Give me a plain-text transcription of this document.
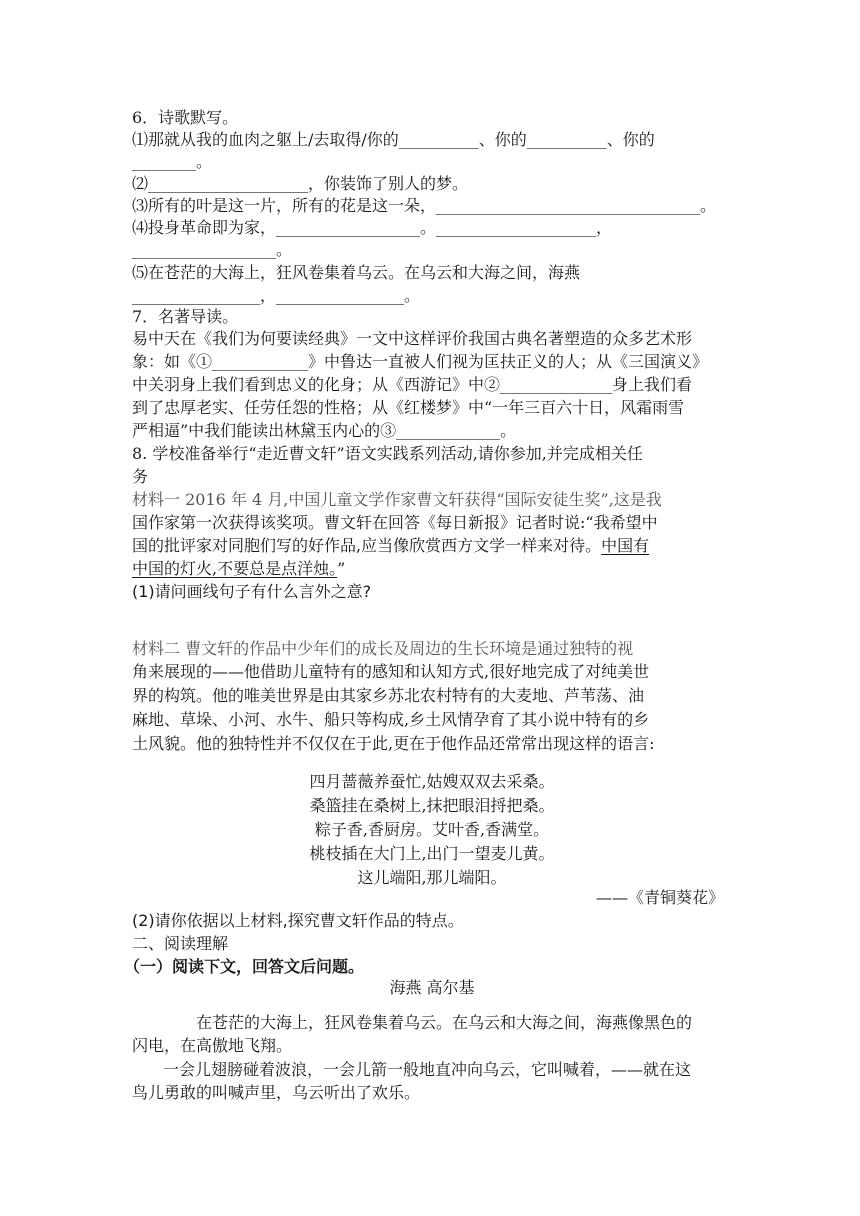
6．诗歌默写。
⑴那就从我的血肉之躯上/去取得/你的__________、你的__________、你的
________。
⑵____________________，你装饰了别人的梦。
⑶所有的叶是这一片，所有的花是这一朵，_________________________________。
⑷投身革命即为家，__________________。____________________，
__________________。
⑸在苍茫的大海上，狂风卷集着乌云。在乌云和大海之间，海燕
________________，________________。
7．名著导读。
易中天在《我们为何要读经典》一文中这样评价我国古典名著塑造的众多艺术形
象：如《①____________》中鲁达一直被人们视为匡扶正义的人；从《三国演义》
中关羽身上我们看到忠义的化身；从《西游记》中②______________身上我们看
到了忠厚老实、任劳任怨的性格；从《红楼梦》中“一年三百六十日，风霜雨雪
严相逼”中我们能读出林黛玉内心的③_____________。
8. 学校准备举行“走近曹文轩”语文实践系列活动,请你参加,并完成相关任
务
材料一 2016 年 4 月,中国儿童文学作家曹文轩获得“国际安徒生奖”,这是我
国作家第一次获得该奖项。曹文轩在回答《每日新报》记者时说:“我希望中
国的批评家对同胞们写的好作品,应当像欣赏西方文学一样来对待。中国有
中国的灯火,不要总是点洋烛。”
(1)请问画线句子有什么言外之意?
材料二 曹文轩的作品中少年们的成长及周边的生长环境是通过独特的视
角来展现的——他借助儿童特有的感知和认知方式,很好地完成了对纯美世
界的构筑。他的唯美世界是由其家乡苏北农村特有的大麦地、芦苇荡、油
麻地、草垛、小河、水牛、船只等构成,乡土风情孕育了其小说中特有的乡
土风貌。他的独特性并不仅仅在于此,更在于他作品还常常出现这样的语言:
四月蔷薇养蚕忙,姑嫂双双去采桑。
桑篮挂在桑树上,抹把眼泪捋把桑。
粽子香,香厨房。艾叶香,香满堂。
桃枝插在大门上,出门一望麦儿黄。
这儿端阳,那儿端阳。
——《青铜葵花》
(2)请你依据以上材料,探究曹文轩作品的特点。
二、阅读理解
（一）阅读下文，回答文后问题。
海燕 高尔基
在苍茫的大海上，狂风卷集着乌云。在乌云和大海之间，海燕像黑色的
闪电，在高傲地飞翔。
一会儿翅膀碰着波浪，一会儿箭一般地直冲向乌云，它叫喊着，——就在这
鸟儿勇敢的叫喊声里，乌云听出了欢乐。
